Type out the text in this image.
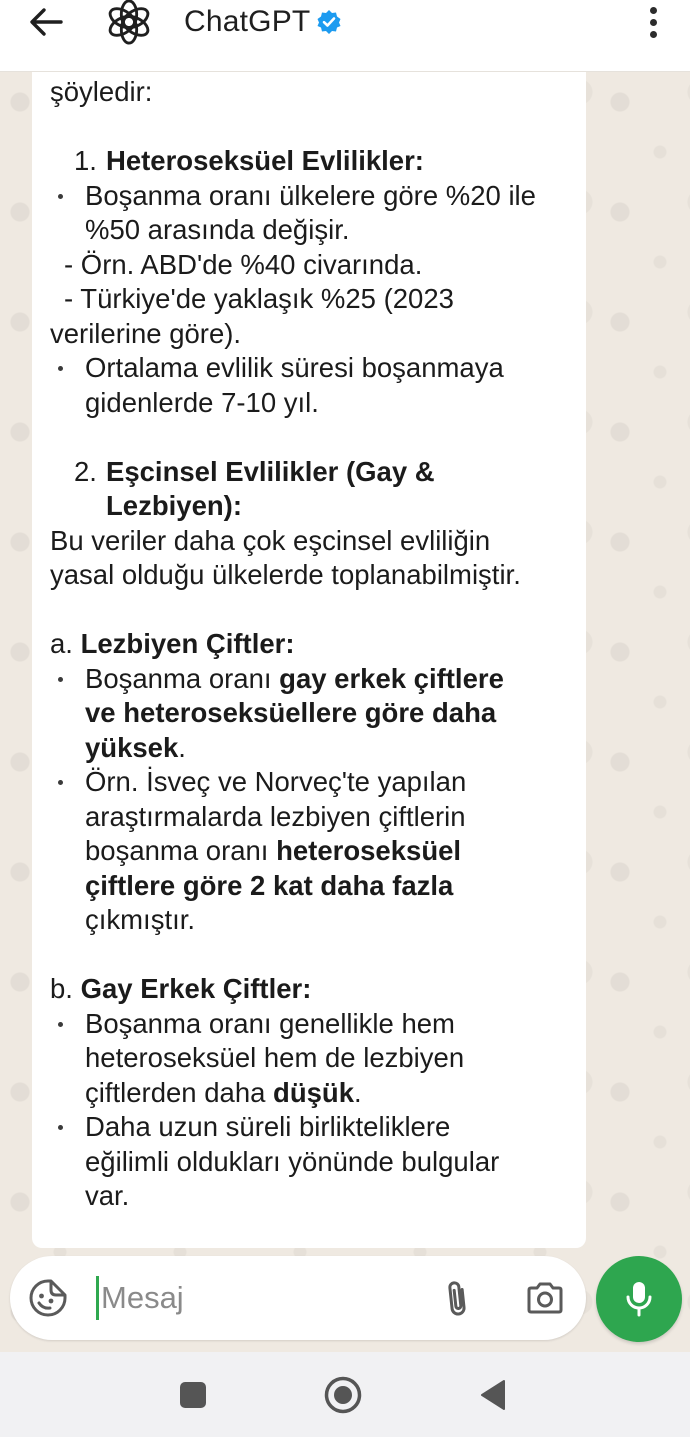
ChatGPT
şöyledir:
1. Heteroseksüel Evlilikler:
Boşanma oranı ülkelere göre %20 ile
%50 arasında değişir.
- Örn. ABD'de %40 civarında.
- Türkiye'de yaklaşık %25 (2023
verilerine göre).
Ortalama evlilik süresi boşanmaya
gidenlerde 7-10 yıl.
2. Eşcinsel Evlilikler (Gay &
Lezbiyen):
Bu veriler daha çok eşcinsel evliliğin
yasal olduğu ülkelerde toplanabilmiştir.
a. Lezbiyen Çiftler:
Boşanma oranı gay erkek çiftlere
ve heteroseksüellere göre daha
yüksek.
Örn. İsveç ve Norveç'te yapılan
araştırmalarda lezbiyen çiftlerin
boşanma oranı heteroseksüel
çiftlere göre 2 kat daha fazla
çıkmıştır.
b. Gay Erkek Çiftler:
Boşanma oranı genellikle hem
heteroseksüel hem de lezbiyen
çiftlerden daha düşük.
Daha uzun süreli birlikteliklere
eğilimli oldukları yönünde bulgular
var.
Mesaj
